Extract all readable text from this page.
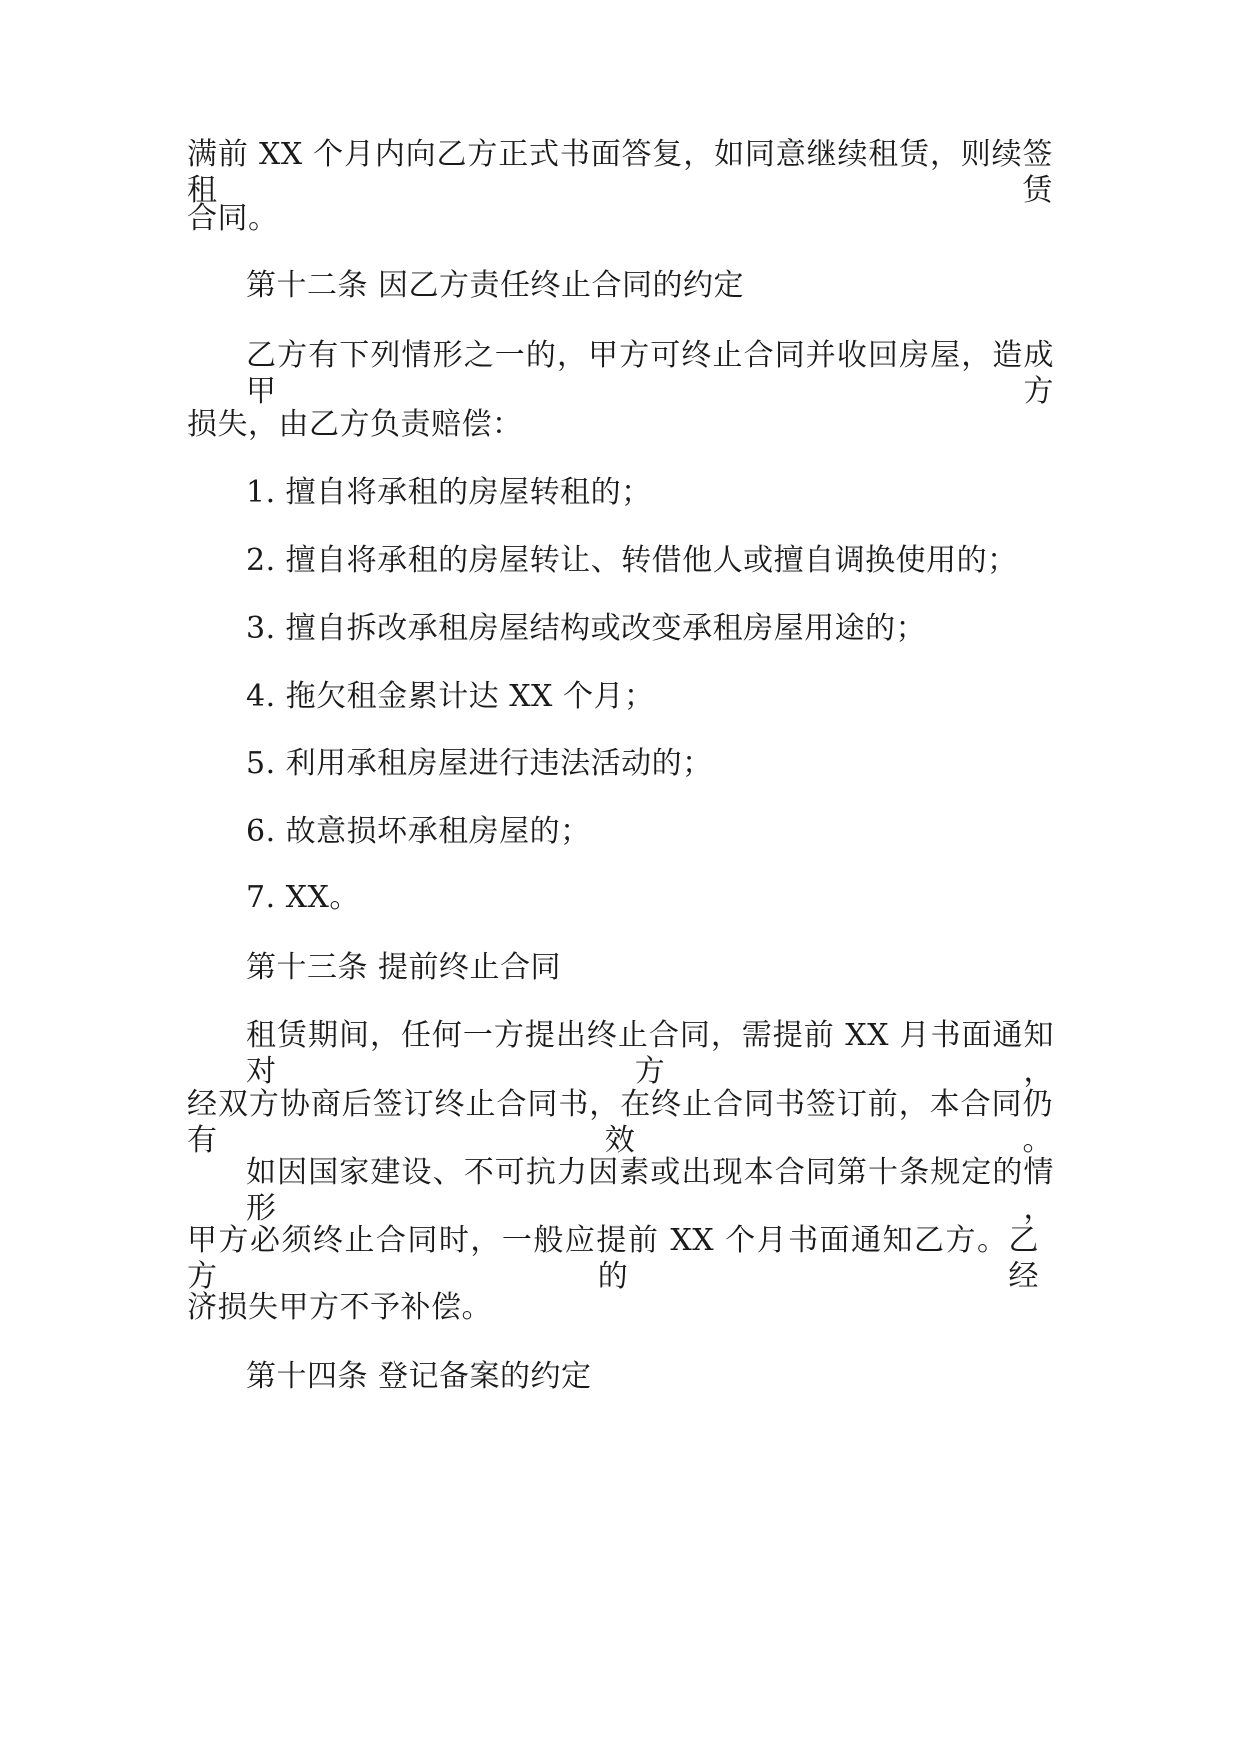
满前 XX 个月内向乙方正式书面答复，如同意继续租赁，则续签租赁
合同。
第十二条 因乙方责任终止合同的约定
乙方有下列情形之一的，甲方可终止合同并收回房屋，造成甲方
损失，由乙方负责赔偿：
1. 擅自将承租的房屋转租的；
2. 擅自将承租的房屋转让、转借他人或擅自调换使用的；
3. 擅自拆改承租房屋结构或改变承租房屋用途的；
4. 拖欠租金累计达 XX 个月；
5. 利用承租房屋进行违法活动的；
6. 故意损坏承租房屋的；
7. XX。
第十三条 提前终止合同
租赁期间，任何一方提出终止合同，需提前 XX 月书面通知对方，
经双方协商后签订终止合同书，在终止合同书签订前，本合同仍有效。
如因国家建设、不可抗力因素或出现本合同第十条规定的情形，
甲方必须终止合同时，一般应提前 XX 个月书面通知乙方。乙方的经
济损失甲方不予补偿。
第十四条 登记备案的约定
